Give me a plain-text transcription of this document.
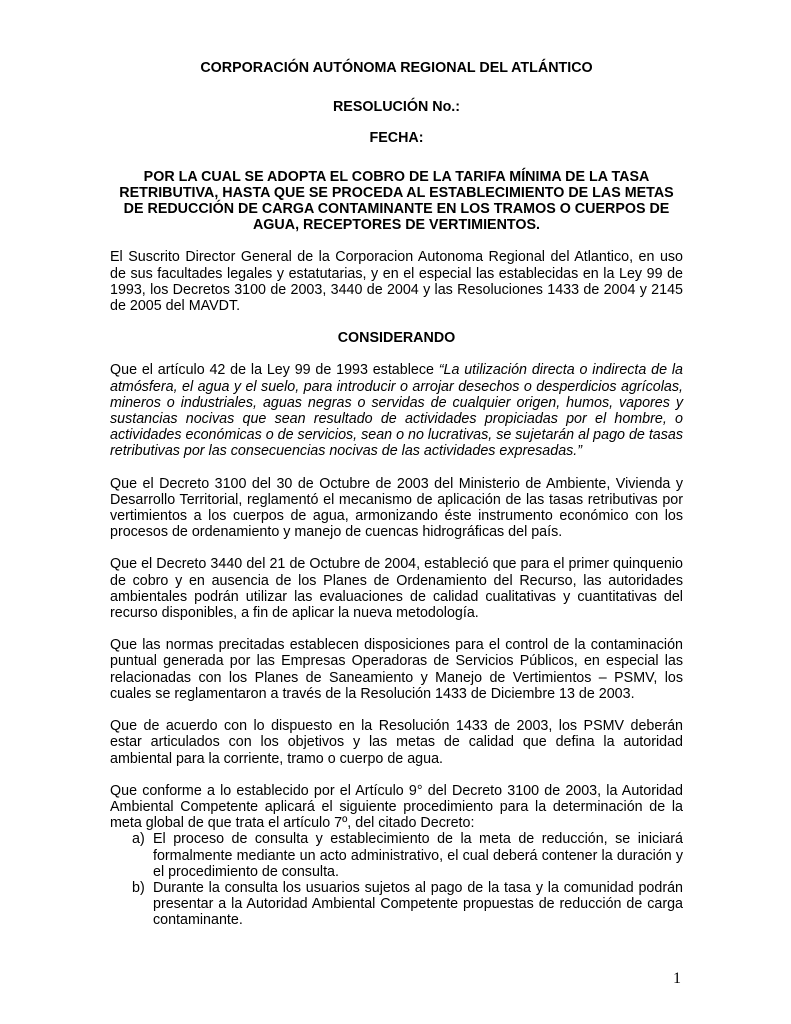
CORPORACIÓN AUTÓNOMA REGIONAL DEL ATLÁNTICO

RESOLUCIÓN No.:

FECHA:

POR LA CUAL SE ADOPTA EL COBRO DE LA TARIFA MÍNIMA DE LA TASA RETRIBUTIVA, HASTA QUE SE PROCEDA AL ESTABLECIMIENTO DE LAS METAS DE REDUCCIÓN DE CARGA CONTAMINANTE EN LOS TRAMOS O CUERPOS DE AGUA, RECEPTORES DE VERTIMIENTOS.

El Suscrito Director General de la Corporacion Autonoma Regional del Atlantico, en uso de sus facultades legales y estatutarias, y en el especial las establecidas en la Ley 99 de 1993, los Decretos 3100 de 2003, 3440 de 2004 y las Resoluciones 1433 de 2004 y 2145 de 2005 del MAVDT.

CONSIDERANDO

Que el artículo 42 de la Ley 99 de 1993 establece “La utilización directa o indirecta de la atmósfera, el agua y el suelo, para introducir o arrojar desechos o desperdicios agrícolas, mineros o industriales, aguas negras o servidas de cualquier origen, humos, vapores y sustancias nocivas que sean resultado de actividades propiciadas por el hombre, o actividades económicas o de servicios, sean o no lucrativas, se sujetarán al pago de tasas retributivas por las consecuencias nocivas de las actividades expresadas.”

Que el Decreto 3100 del 30 de Octubre de 2003 del Ministerio de Ambiente, Vivienda y Desarrollo Territorial, reglamentó el mecanismo de aplicación de las tasas retributivas por vertimientos a los cuerpos de agua, armonizando éste instrumento económico con los procesos de ordenamiento y manejo de cuencas hidrográficas del país.

Que el Decreto 3440 del 21 de Octubre de 2004, estableció que para el primer quinquenio de cobro y en ausencia de los Planes de Ordenamiento del Recurso, las autoridades ambientales podrán utilizar las evaluaciones de calidad cualitativas y cuantitativas del recurso disponibles, a fin de aplicar la nueva metodología.

Que las normas precitadas establecen disposiciones para el control de la contaminación puntual generada por las Empresas Operadoras de Servicios Públicos, en especial las relacionadas con los Planes de Saneamiento y Manejo de Vertimientos – PSMV, los cuales se reglamentaron a través de la Resolución 1433 de Diciembre 13 de 2003.

Que de acuerdo con lo dispuesto en la Resolución 1433 de 2003, los PSMV deberán estar articulados con los objetivos y las metas de calidad que defina la autoridad ambiental para la corriente, tramo o cuerpo de agua.

Que conforme a lo establecido por el Artículo 9° del Decreto 3100 de 2003, la Autoridad Ambiental Competente aplicará el siguiente procedimiento para la determinación de la meta global de que trata el artículo 7º, del citado Decreto:

a) El proceso de consulta y establecimiento de la meta de reducción, se iniciará formalmente mediante un acto administrativo, el cual deberá contener la duración y el procedimiento de consulta.
b) Durante la consulta los usuarios sujetos al pago de la tasa y la comunidad podrán presentar a la Autoridad Ambiental Competente propuestas de reducción de carga contaminante.
1
